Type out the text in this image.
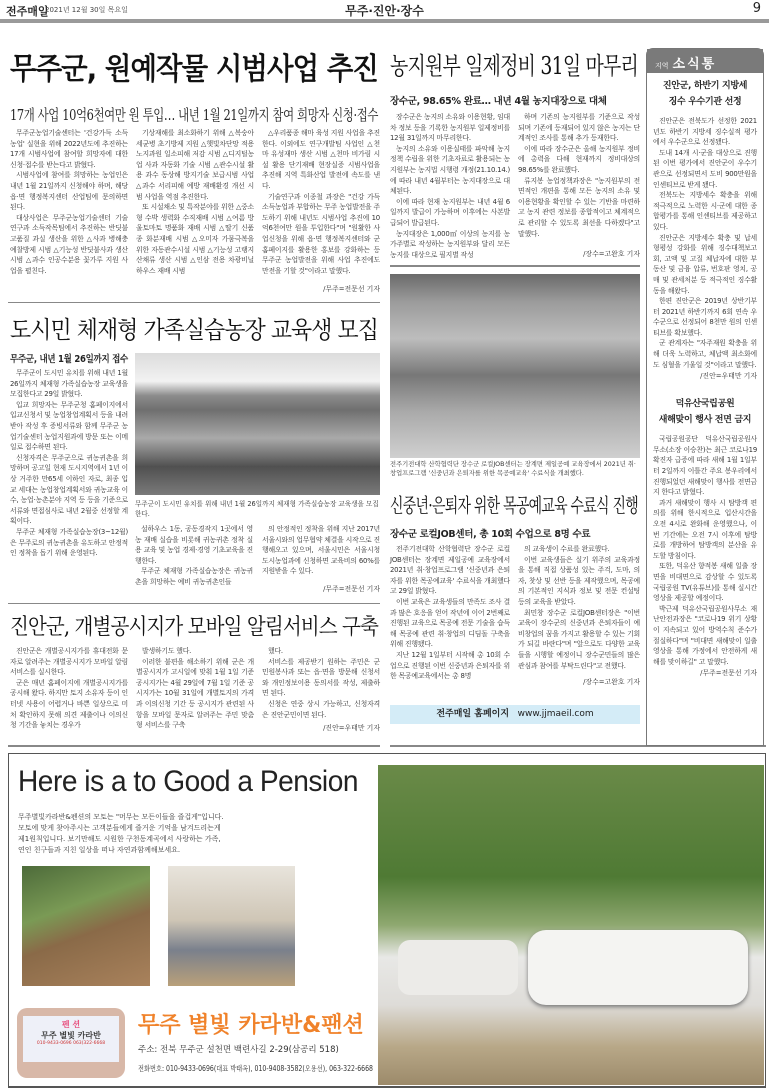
전주매일
2021년 12월 30일 목요일	무주·진안·장수	9
무주군, 원예작물 시범사업 추진
17개 사업 10억6천여만 원 투입… 내년 1월 21일까지 참여 희망자 신청·접수

무주군농업기술센터는 '건강가득 소득농업' 실현을 위해 2022년도에 추진하는 17개 시범사업에 참여할 희망자에 대한 신청·접수를 받는다고 밝혔다.

시범사업에 참여를 희망하는 농업인은 내년 1월 21일까지 신청해야 하며, 해당 읍·면 행정복지센터 산업팀에 문의하면 된다.

대상사업은 무주군농업기술센터 기술연구과 소득작목팀에서 추진하는 반딧불 고품질 과실 생산을 위한 △사과 병해충 예찰방제 시범 △기능성 반딧불사과 생산 시범 △과수 인공수분용 꽃가루 지원 사업을 펼친다.

기상재해를 최소화하기 위해 △복숭아 세균병 초기방제 지원 △햇빛차단망 적용 노지과원 일소피해 저감 시범 △디지털농업 사과 자동화 기술 시범 △관수시설 활용 과수 동상해 방지기술 보급시범 사업 △과수 서리피해 예방 재배환경 개선 시범 사업을 역점 추진한다.

또 시설채소 및 특작분야를 위한 △중소형 수박 생력화 수직재배 시범 △여름 방울토마토 명품화 재배 시범 △딸기 신품종 화분재배 시범 △오미자 가뭄극복을 위한 자동관수시설 시범 △기능성 고랭지 산채류 생산 시범 △인삼 전용 차광비닐하우스 재배 시범

△우리품종 해마 육성 지원 사업을 추진한다. 이외에도 연구개발팀 사업인 △천마 유성재마 생산 시범 △천마 비가림 시설 활용 단기재배 현장실증 시범사업을 추진해 지역 특화산업 발전에 속도를 낸다.

기술연구과 이종철 과장은 "건강 가득 소득농업과 부합하는 무주 농업발전을 주도하기 위해 내년도 시범사업 추진에 10억6천여만 원을 투입한다"며 "원활한 사업신청을 위해 읍·면 행정복지센터와 군 홈페이지를 활용한 홍보를 강화하는 등 무주군 농업발전을 위해 사업 추진에도 만전을 기할 것"이라고 말했다.

/무주=전문선 기자
도시민 체재형 가족실습농장 교육생 모집
무주군, 내년 1월 26일까지 접수

무주군이 도시민 유치를 위해 내년 1월 26일까지 체재형 가족실습농장 교육생을 모집한다고 29일 밝혔다.

입교 희망자는 무주군청 홈페이지에서 입교신청서 및 농업창업계획서 등을 내려 받아 작성 후 증빙서류와 함께 무주군 농업기술센터 농업지원과에 방문 또는 이메일로 접수하면 된다.

신청자격은 무주군으로 귀농귀촌을 희망하며 공고일 현재 도시지역에서 1년 이상 거주한 만65세 이하인 자로, 최종 입교 세대는 농업창업계획서와 귀농교육 이수, 농업·농촌분야 지역 등 등을 기준으로 서류와 면접심사로 내년 2월중 선정할 계획이다.

무주군 체재형 가족실습농장(3~12월)은 무주로의 귀농귀촌을 유도하고 안정적인 정착을 돕기 위해 운영된다.

무주군이 도시민 유치를 위해 내년 1월 26일까지 체재형 가족실습농장 교육생을 모집한다.

설하우스 1동, 공동경작지 1곳에서 영농 재배 실습을 비롯해 귀농귀촌 정착 실용 교육 및 농업 경제·경영 기초교육을 진행한다.

무주군 체재형 가족실습농장은 귀농귀촌을 희망하는 예비 귀농귀촌인들

의 안정적인 정착을 위해 지난 2017년 서울시와의 업무협약 체결을 시작으로 진행해오고 있으며, 서울시민은 서울시청 도시농업과에 신청하면 교육비의 60%를 지원받을 수 있다.

/무주=전문선 기자
진안군, 개별공시지가 모바일 알림서비스 구축

진안군은 개별공시지가를 휴대전화 문자로 알려주는 개별공시지가 모바일 알림서비스를 실시한다.

군은 매년 홈페이지에 개별공시지가를 공시해 왔다. 하지만 토지 소유자 등이 인터넷 사용이 어렵거나 바쁜 일상으로 미처 확인하지 못해 의견 제출이나 이의신청 기간을 놓치는 경우가

발생하기도 했다.

이러한 불편을 해소하기 위해 군은 개별공시지가 고시일에 맞춰 1월 1일 기준 공시지가는 4월 29일에 7월 1일 기준 공시지가는 10월 31일에 개별토지의 가격과 이의신청 기간 등 공시지가 관련된 사항을 모바일 문자로 알려주는 주민 맞춤형 서비스를 구축

했다.

서비스를 제공받기 원하는 주민은 군 민원봉사과 또는 읍·면을 방문해 신청서와 개인정보이용 동의서를 작성, 제출하면 된다.

신청은 연중 상시 가능하고, 신청자격은 진안군민이면 된다.

/진안=우태만 기자
농지원부 일제정비 31일 마무리
장수군, 98.65% 완료… 내년 4월 농지대장으로 대체

장수군은 농지의 소유와 이용현황, 임대차 정보 등을 기록한 농지원부 일제정비를 12월 31일까지 마무리한다.

농지의 소유와 이용실태를 파악해 농지정책 수립을 위한 기초자료로 활용되는 농지원부는 농지법 시행령 개정(21.10.14.)에 따라 내년 4월부터는 농지대장으로 대체된다.

이에 따라 현재 농지원부는 내년 4월 6일까지 발급이 가능하며 이후에는 사본발급되어 발급된다.

농지대장은 1,000㎡ 이상의 농지를 농가주별로 작성하는 농지원부와 달리 모든 농지를 대상으로 필지별 작성

하며 기존의 농지원부를 기준으로 작성되며 기존에 등재되어 있지 않은 농지는 단계적인 조사를 통해 추가 등재한다.

이에 따라 장수군은 올해 농지원부 정비에 총력을 다해 현재까지 정비대상의 98.65%를 완료했다.

류지봉 농업정책과장은 "농지원부의 전면적인 개편을 통해 모든 농지의 소유 및 이용현황을 확인할 수 있는 기반을 마련하고 농지 관련 정보를 종합적이고 체계적으로 관리할 수 있도록 최선을 다하겠다"고 말했다.

/장수=고완호 기자
전주기전대학 산학협력단 장수군 로컬JOB센터는 장계면 제일공예 교육장에서 2021년 취·창업프로그램 '신중년과 은퇴자를 위한 목공예교육' 수료식을 개최했다.
신중년·은퇴자 위한 목공예교육 수료식 진행
장수군 로컬JOB센터, 총 10회 수업으로 8명 수료

전주기전대학 산학협력단 장수군 로컬JOB센터는 장계면 제일공예 교육장에서 2021년 취·창업프로그램 '신중년과 은퇴자를 위한 목공예교육' 수료식을 개최했다고 29일 밝혔다.

이번 교육은 교육생들의 만족도 조사 결과 많은 호응을 얻어 작년에 이어 2번째로 진행된 교육으로 목공예 전문 기술을 습득해 목공예 관련 취·창업의 디딤돌 구축을 위해 진행됐다.

지난 12월 1일부터 시작해 총 10회 수업으로 진행된 이번 신중년과 은퇴자를 위한 목공예교육에서는 총 8명

의 교육생이 수료를 완료했다.

이번 교육생들은 실기 위주의 교육과정을 통해 직접 상품성 있는 주걱, 도마, 의자, 찻상 및 선반 등을 제작했으며, 목공예의 기본적인 지식과 정보 및 전문 컨설팅 등의 교육을 받았다.

최민창 장수군 로컬JOB센터장은 "이번 교육이 장수군의 신중년과 은퇴자들이 예비창업의 꿈을 가지고 활용할 수 있는 기회가 되길 바란다"며 "앞으로도 다양한 교육들을 시행할 예정이니 장수군민들의 많은 관심과 참여를 부탁드린다"고 전했다.

/장수=고완호 기자
전주매일 홈페이지 www.jjmaeil.com
지역 소식통
진안군, 하반기 지방세
징수 우수기관 선정

진안군은 전북도가 선정한 2021년도 하반기 지방세 징수실적 평가에서 우수군으로 선정됐다.

도내 14개 시·군을 대상으로 진행된 이번 평가에서 진안군이 우수기관으로 선정되면서 도비 900만원을 인센티브로 받게 됐다.

전북도는 지방세수 확충을 위해 적극적으로 노력한 시·군에 대한 종합평가를 통해 인센티브를 제공하고 있다.

진안군은 지방세수 확충 및 납세 형평성 강화를 위해 징수대책보고회, 고액 및 고질 체납자에 대한 부동산 및 금융 압류, 번호판 영치, 공매 및 관세처분 등 적극적인 징수활동을 해왔다.

한편 진안군은 2019년 상반기부터 2021년 하반기까지 6회 연속 우수군으로 선정되어 8천만 원의 인센티브를 확보했다.

군 관계자는 "자주재원 확충을 위해 더욱 노력하고, 체납액 최소화에도 심혈을 기울일 것"이라고 말했다.

/진안=우태만 기자
덕유산국립공원
새해맞이 행사 전면 금지

국립공원공단 덕유산국립공원사무소(소장 이승찬)는 최근 코로나19 확진자 급증에 따라 새해 1월 1일부터 2일까지 이틀간 주요 봉우리에서 진행되었던 새해맞이 행사를 전면금지 한다고 밝혔다.

과거 새해맞이 행사 시 탐방객 편의를 위해 한시적으로 입산시간을 오전 4시로 완화해 운영했으나, 이번 기간에는 오전 7시 이후에 탐방로를 개방하여 탐방객의 분산을 유도할 방침이다.

또한, 덕유산 향적봉 새해 일출 장면을 비대면으로 감상할 수 있도록 국립공원 TV(유튜브)를 통해 실시간 영상을 제공할 예정이다.

박근제 덕유산국립공원사무소 재난안전과장은 "코로나19 위기 상황이 지속되고 있어 방역수칙 준수가 절실하다"며 "비대면 새해맞이 일출 영상을 통해 가정에서 안전하게 새해를 맞이하길" 고 말했다.

/무주=전문선 기자
Here is a to Good a Pension
무주별빛카라반&펜션의 모토는 "머무는 모든이들을 즐겁게"입니다.
모토에 맞게 찾아주시는 고객분들에게 즐거운 기억을 남겨드리는게
제1원칙입니다. 보기만해도 시원한 구천동계곡에서 사랑하는 가족,
연인 친구들과 지친 일상을 떠나 자연과함께해보세요.
펜 션
무주 별빛 카라반
010-9433-0696 063)322-6668
무주 별빛 카라반&팬션
주소: 전북 무주군 설천면 백련사길 2-29(삼공리 518)
전화번호: 010-9433-0696(대표 박태옥), 010-9408-3582(오용선), 063-322-6668
